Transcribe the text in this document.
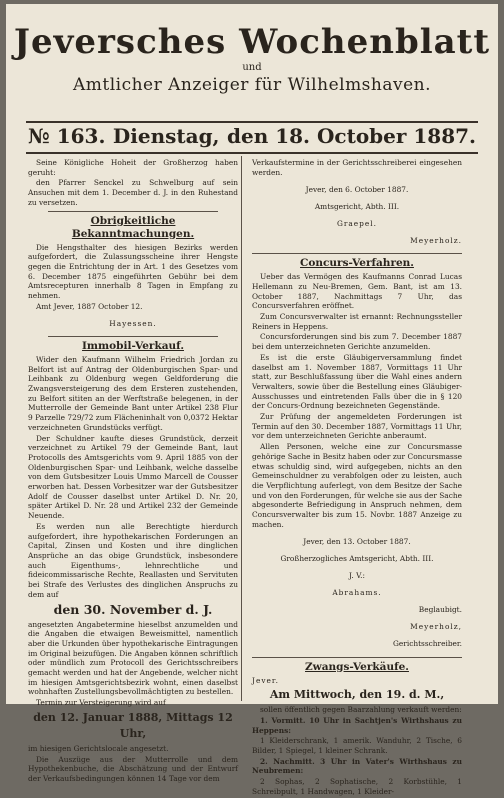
Jeversches Wochenblatt
und
Amtlicher Anzeiger für Wilhelmshaven.
№ 163. Dienstag, den 18. October 1887.

Seine Königliche Hoheit der Großherzog haben geruht:

den Pfarrer Senckel zu Schwelburg auf sein Ansuchen mit dem 1. December d. J. in den Ruhestand zu versetzen.

Obrigkeitliche Bekanntmachungen.

Die Hengsthalter des hiesigen Bezirks werden aufgefordert, die Zulassungsscheine ihrer Hengste gegen die Entrichtung der in Art. 1 des Gesetzes vom 6. December 1875 eingeführten Gebühr bei dem Amtsrecepturen innerhalb 8 Tagen in Empfang zu nehmen.

Amt Jever, 1887 October 12.

Hayessen.

Immobil-Verkauf.

Wider den Kaufmann Wilhelm Friedrich Jordan zu Belfort ist auf Antrag der Oldenburgischen Spar- und Leihbank zu Oldenburg wegen Geldforderung die Zwangsversteigerung des dem Ersteren zustehenden, zu Belfort sititen an der Werftstraße belegenen, in der Mutterrolle der Gemeinde Bant unter Artikel 238 Flur 9 Parzelle 729/72 zum Flächeninhalt von 0,0372 Hektar verzeichneten Grundstücks verfügt.

Der Schuldner kaufte dieses Grundstück, derzeit verzeichnet zu Artikel 79 der Gemeinde Bant, laut Protocolls des Amtsgerichts vom 9. April 1885 von der Oldenburgischen Spar- und Leihbank, welche dasselbe von dem Gutsbesitzer Louis Ummo Marcell de Cousser erworben hat. Dessen Vorbesitzer war der Gutsbesitzer Adolf de Cousser daselbst unter Artikel D. Nr. 20, später Artikel D. Nr. 28 und Artikel 232 der Gemeinde Neuende.

Es werden nun alle Berechtigte hierdurch aufgefordert, ihre hypothekarischen Forderungen an Capital, Zinsen und Kosten und ihre dinglichen Ansprüche an das obige Grundstück, insbesondere auch Eigenthums-, lehnrechtliche und fideicommissarische Rechte, Reallasten und Servituten bei Strafe des Verlustes des dinglichen Anspruchs zu dem auf

den 30. November d. J.

angesetzten Angabetermine hieselbst anzumelden und die Angaben die etwaigen Beweismittel, namentlich aber die Urkunden über hypothekarische Eintragungen im Original beizufügen. Die Angaben können schriftlich oder mündlich zum Protocoll des Gerichtsschreibers gemacht werden und hat der Angebende, welcher nicht im hiesigen Amtsgerichtsbezirk wohnt, einen daselbst wohnhaften Zustellungsbevollmächtigten zu bestellen.

Termin zur Versteigerung wird auf

den 12. Januar 1888, Mittags 12 Uhr,

im hiesigen Gerichtslocale angesetzt.

Die Auszüge aus der Mutterrolle und dem Hypothekenbuche, die Abschätzung und der Entwurf der Verkaufsbedingungen können 14 Tage vor dem

Verkaufstermine in der Gerichtsschreiberei eingesehen werden.

Jever, den 6. October 1887.

Amtsgericht, Abth. III.

Graepel.

Meyerholz.

Concurs-Verfahren.

Ueber das Vermögen des Kaufmanns Conrad Lucas Hellemann zu Neu-Bremen, Gem. Bant, ist am 13. October 1887, Nachmittags 7 Uhr, das Concursverfahren eröffnet.

Zum Concursverwalter ist ernannt: Rechnungssteller Reiners in Heppens.

Concursforderungen sind bis zum 7. December 1887 bei dem unterzeichneten Gerichte anzumelden.

Es ist die erste Gläubigerversammlung findet daselbst am 1. November 1887, Vormittags 11 Uhr statt, zur Beschlußfassung über die Wahl eines andern Verwalters, sowie über die Bestellung eines Gläubiger-Ausschusses und eintretenden Falls über die in § 120 der Concurs-Ordnung bezeichneten Gegenstände.

Zur Prüfung der angemeldeten Forderungen ist Termin auf den 30. December 1887, Vormittags 11 Uhr, vor dem unterzeichneten Gerichte anberaumt.

Allen Personen, welche eine zur Concursmasse gehörige Sache in Besitz haben oder zur Concursmasse etwas schuldig sind, wird aufgegeben, nichts an den Gemeinschuldner zu verabfolgen oder zu leisten, auch die Verpflichtung auferlegt, von dem Besitze der Sache und von den Forderungen, für welche sie aus der Sache abgesonderte Befriedigung in Anspruch nehmen, dem Concursverwalter bis zum 15. Novbr. 1887 Anzeige zu machen.

Jever, den 13. October 1887.

Großherzogliches Amtsgericht, Abth. III.

J. V.:

Abrahams.

Beglaubigt.

Meyerholz,

Gerichtsschreiber.

Zwangs-Verkäufe.

Jever.

Am Mittwoch, den 19. d. M.,

sollen öffentlich gegen Baarzahlung verkauft werden:

1. Vormitt. 10 Uhr in Sachtjen's Wirthshaus zu Heppens:

1 Kleiderschrank, 1 amerik. Wanduhr, 2 Tische, 6 Bilder, 1 Spiegel, 1 kleiner Schrank.

2. Nachmitt. 3 Uhr in Vater's Wirthshaus zu Neubremen:

2 Sophas, 2 Sophatische, 2 Korbstühle, 1 Schreibpult, 1 Handwagen, 1 Kleider-
